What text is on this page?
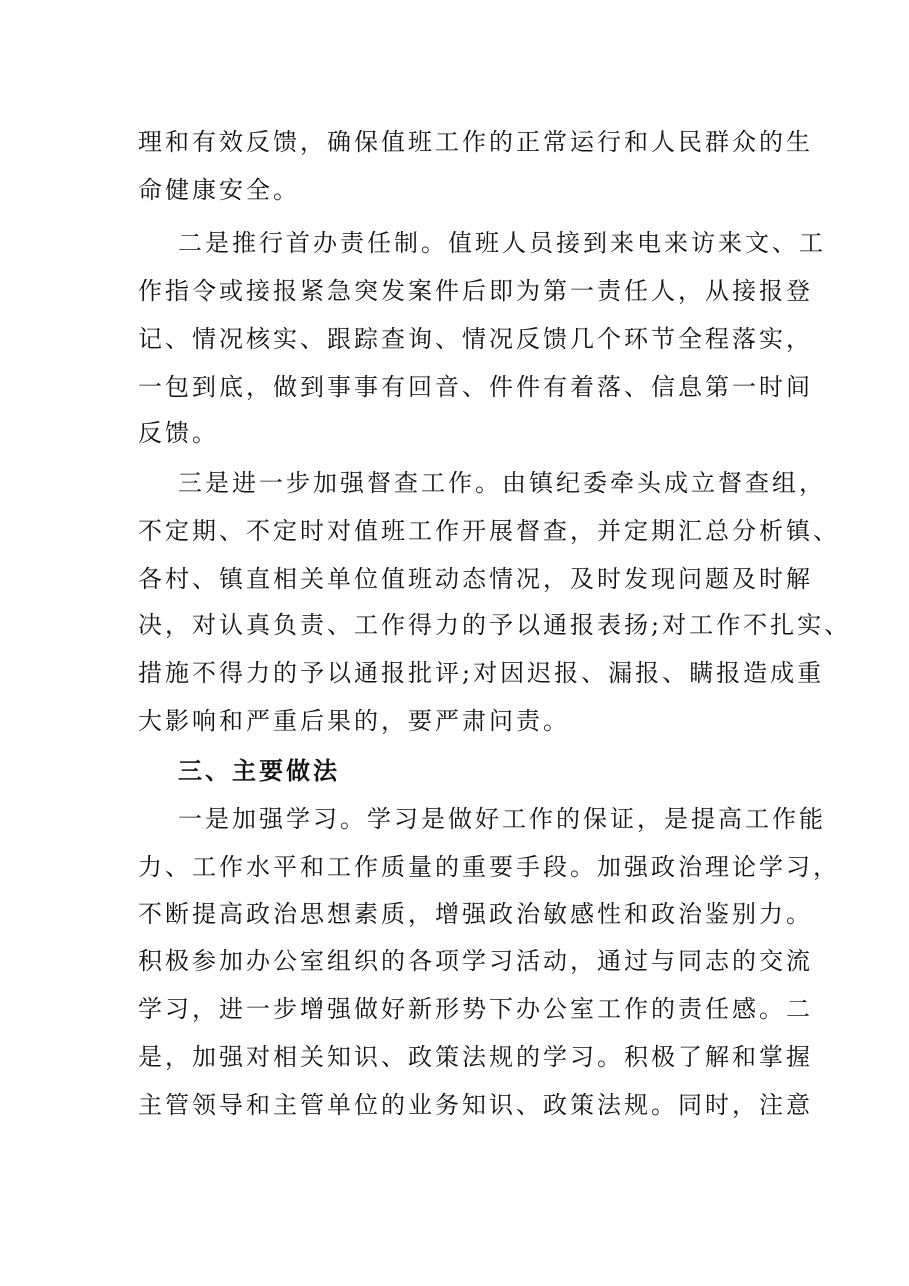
理和有效反馈，确保值班工作的正常运行和人民群众的生
命健康安全。
二是推行首办责任制。值班人员接到来电来访来文、工
作指令或接报紧急突发案件后即为第一责任人，从接报登
记、情况核实、跟踪查询、情况反馈几个环节全程落实，
一包到底，做到事事有回音、件件有着落、信息第一时间
反馈。
三是进一步加强督查工作。由镇纪委牵头成立督查组，
不定期、不定时对值班工作开展督查，并定期汇总分析镇、
各村、镇直相关单位值班动态情况，及时发现问题及时解
决，对认真负责、工作得力的予以通报表扬;对工作不扎实、
措施不得力的予以通报批评;对因迟报、漏报、瞒报造成重
大影响和严重后果的，要严肃问责。
三、主要做法
一是加强学习。学习是做好工作的保证，是提高工作能
力、工作水平和工作质量的重要手段。加强政治理论学习，
不断提高政治思想素质，增强政治敏感性和政治鉴别力。
积极参加办公室组织的各项学习活动，通过与同志的交流
学习，进一步增强做好新形势下办公室工作的责任感。二
是，加强对相关知识、政策法规的学习。积极了解和掌握
主管领导和主管单位的业务知识、政策法规。同时，注意
